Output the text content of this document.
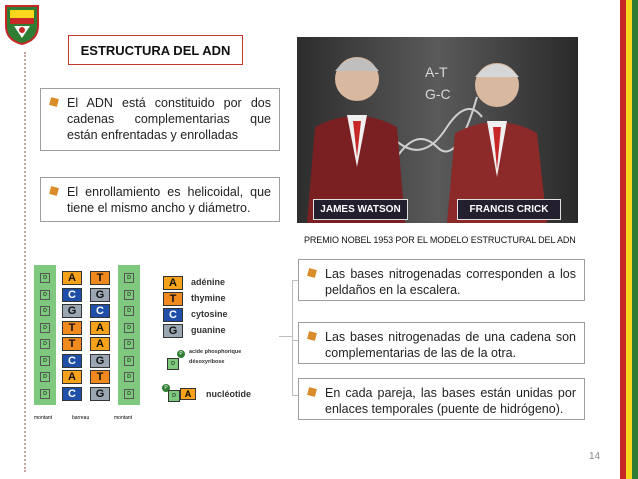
ESTRUCTURA DEL ADN
El ADN está constituido por dos cadenas complementarias que están enfrentadas y enrolladas
El enrollamiento es helicoidal, que tiene el mismo ancho y diámetro.
A-T
G-C
JAMES WATSON	FRANCIS CRICK
PREMIO NOBEL 1953 POR EL MODELO ESTRUCTURAL DEL ADN
D	D
A	T
D	D
C	G
D	D
G	C
D	D
T	A
D	D
T	A
D	D
C	G
D	D
A	T
D	D
C	G
montant	barreau	montant
A	adénine
T	thymine
C	cytosine
G	guanine
P
D
acide phosphorique
désoxyribose
P
D A	nucléotide
Las bases nitrogenadas corresponden a los peldaños en la escalera.
Las bases nitrogenadas de una cadena son complementarias de las de la otra.
En cada pareja, las bases están unidas por enlaces temporales (puente de hidrógeno).
14
